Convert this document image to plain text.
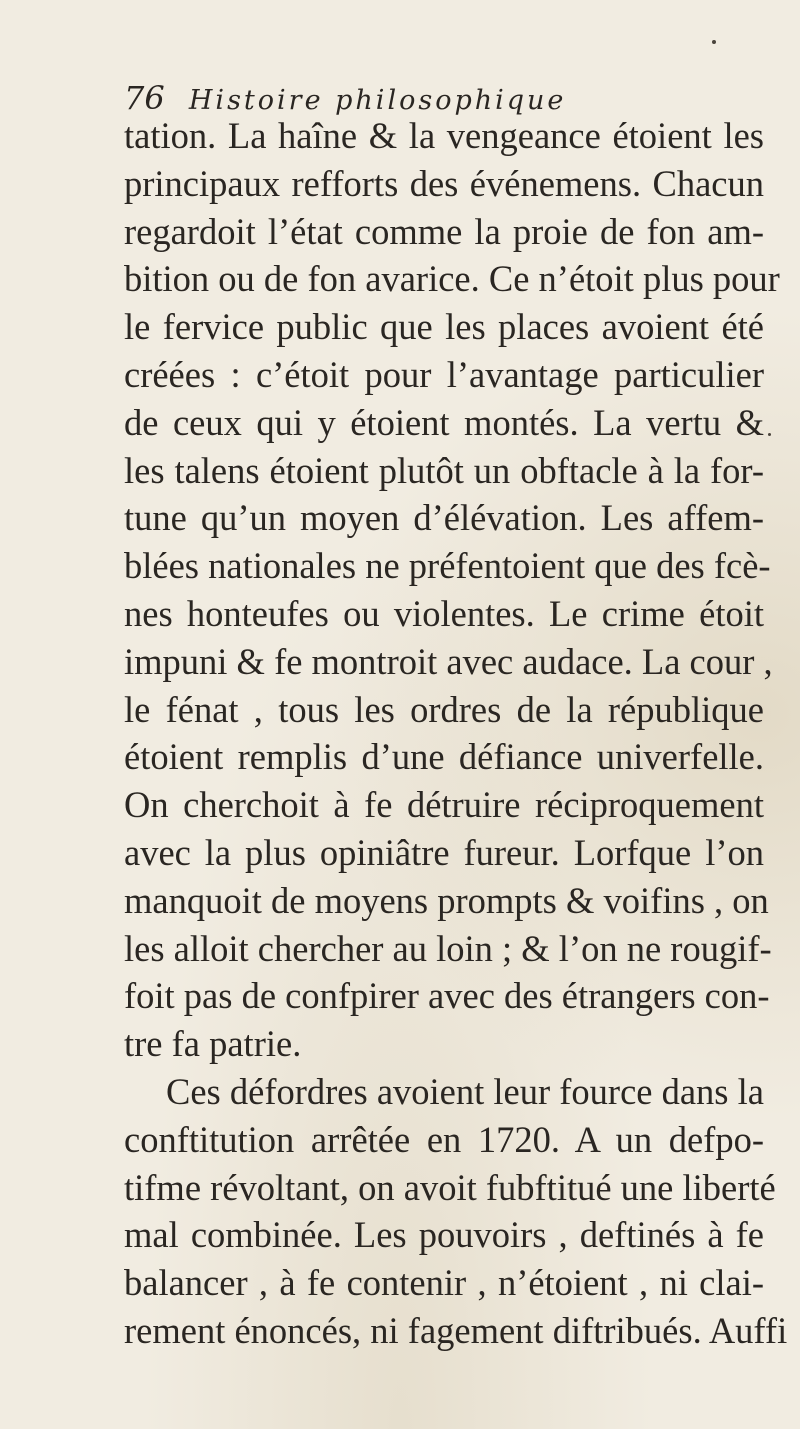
76 Histoire philosophique
tation. La haîne & la vengeance étoient les
principaux refforts des événemens. Chacun
regardoit l’état comme la proie de fon am-
bition ou de fon avarice. Ce n’étoit plus pour
le fervice public que les places avoient été
créées : c’étoit pour l’avantage particulier
de ceux qui y étoient montés. La vertu &
les talens étoient plutôt un obftacle à la for-
tune qu’un moyen d’élévation. Les affem-
blées nationales ne préfentoient que des fcè-
nes honteufes ou violentes. Le crime étoit
impuni & fe montroit avec audace. La cour ,
le fénat , tous les ordres de la république
étoient remplis d’une défiance univerfelle.
On cherchoit à fe détruire réciproquement
avec la plus opiniâtre fureur. Lorfque l’on
manquoit de moyens prompts & voifins , on
les alloit chercher au loin ; & l’on ne rougif-
foit pas de confpirer avec des étrangers con-
tre fa patrie.
Ces défordres avoient leur fource dans la
conftitution arrêtée en 1720. A un defpo-
tifme révoltant, on avoit fubftitué une liberté
mal combinée. Les pouvoirs , deftinés à fe
balancer , à fe contenir , n’étoient , ni clai-
rement énoncés, ni fagement diftribués. Auffi
